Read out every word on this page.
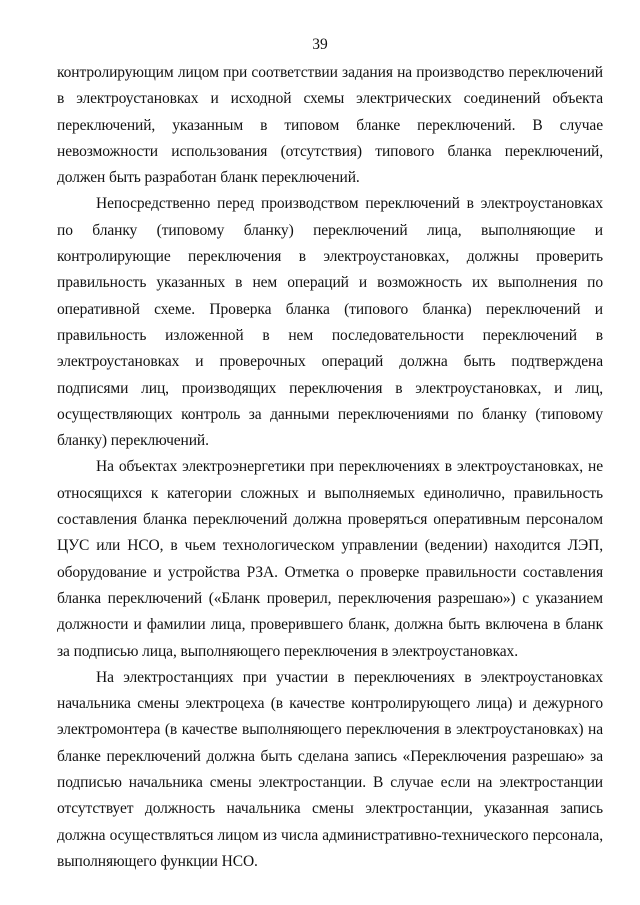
39

контролирующим лицом при соответствии задания на производство переключений в электроустановках и исходной схемы электрических соединений объекта переключений, указанным в типовом бланке переключений. В случае невозможности использования (отсутствия) типового бланка переключений, должен быть разработан бланк переключений.

Непосредственно перед производством переключений в электроустановках по бланку (типовому бланку) переключений лица, выполняющие и контролирующие переключения в электроустановках, должны проверить правильность указанных в нем операций и возможность их выполнения по оперативной схеме. Проверка бланка (типового бланка) переключений и правильность изложенной в нем последовательности переключений в электроустановках и проверочных операций должна быть подтверждена подписями лиц, производящих переключения в электроустановках, и лиц, осуществляющих контроль за данными переключениями по бланку (типовому бланку) переключений.

На объектах электроэнергетики при переключениях в электроустановках, не относящихся к категории сложных и выполняемых единолично, правильность составления бланка переключений должна проверяться оперативным персоналом ЦУС или НСО, в чьем технологическом управлении (ведении) находится ЛЭП, оборудование и устройства РЗА. Отметка о проверке правильности составления бланка переключений («Бланк проверил, переключения разрешаю») с указанием должности и фамилии лица, проверившего бланк, должна быть включена в бланк за подписью лица, выполняющего переключения в электроустановках.

На электростанциях при участии в переключениях в электроустановках начальника смены электроцеха (в качестве контролирующего лица) и дежурного электромонтера (в качестве выполняющего переключения в электроустановках) на бланке переключений должна быть сделана запись «Переключения разрешаю» за подписью начальника смены электростанции. В случае если на электростанции отсутствует должность начальника смены электростанции, указанная запись должна осуществляться лицом из числа административно-технического персонала, выполняющего функции НСО.
